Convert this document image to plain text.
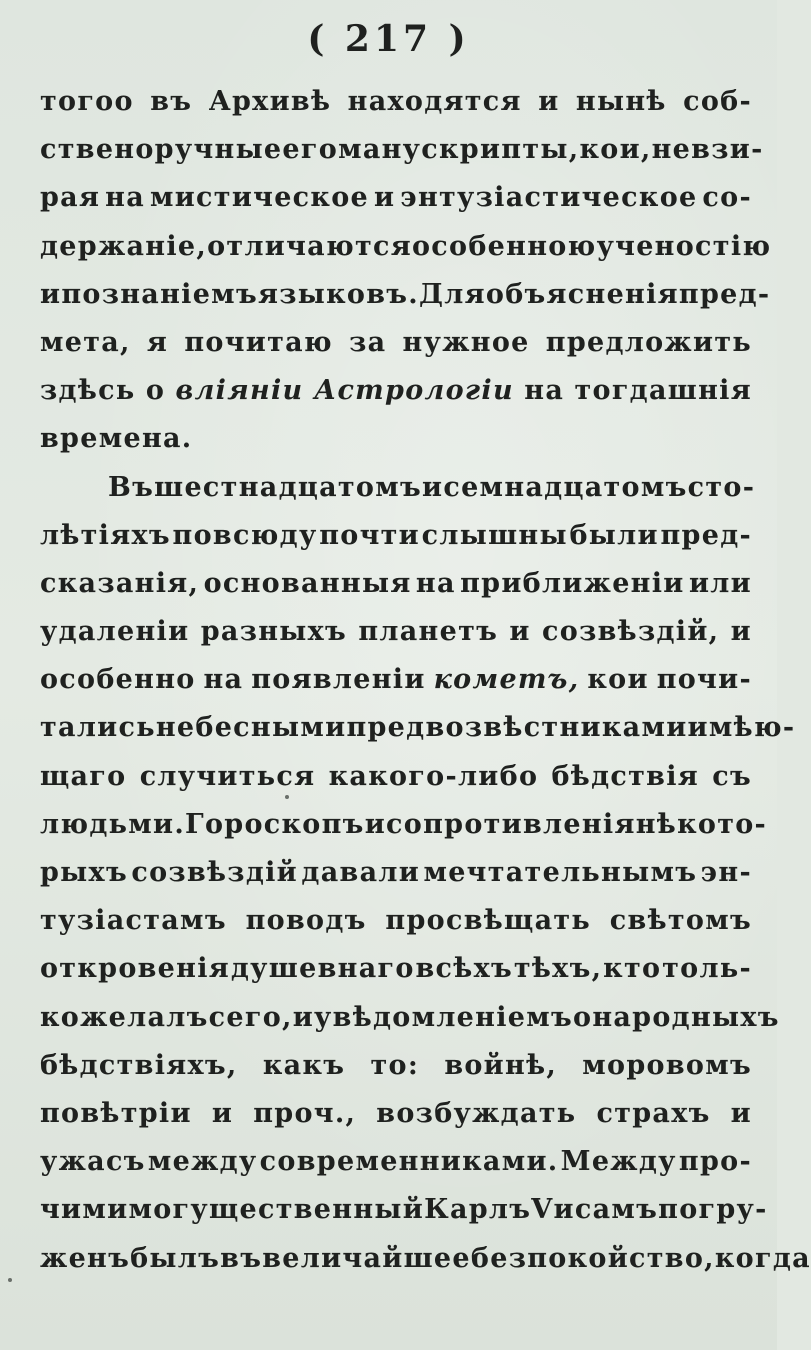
( 217 )
тогоо въ Архивѣ находятся и нынѣ соб-
ственоручные его манускрипты, кои, не взи-
рая на мистическое и энтузіастическое со-
держаніе, отличаются особенною ученостію
и познаніемъ языковъ. Для объясненія пред-
мета, я почитаю за нужное предложить
здѣсь о вліяніи Астрологіи на тогдашнія
времена.
Въ шестнадцатомъ и семнадцатомъ сто-
лѣтіяхъ повсюду почти слышны были пред-
сказанія, основанныя на приближеніи или
удаленіи разныхъ планетъ и созвѣздій, и
особенно на появленіи кометъ, кои почи-
тались небесными предвозвѣстниками имѣю-
щаго случиться какого-либо бѣдствія съ
людьми. Гороскопъ и сопротивленія нѣкото-
рыхъ созвѣздій давали мечтательнымъ эн-
тузіастамъ поводъ просвѣщать свѣтомъ
откровенія душевнаго всѣхъ тѣхъ, кто толь-
ко желалъ сего, и увѣдомленіемъ о народныхъ
бѣдствіяхъ, какъ то: войнѣ, моровомъ
повѣтріи и проч., возбуждать страхъ и
ужасъ между современниками. Между про-
чими могущественный Карлъ V и самъ погру-
женъ былъ въ величайшее безпокойство, когда
